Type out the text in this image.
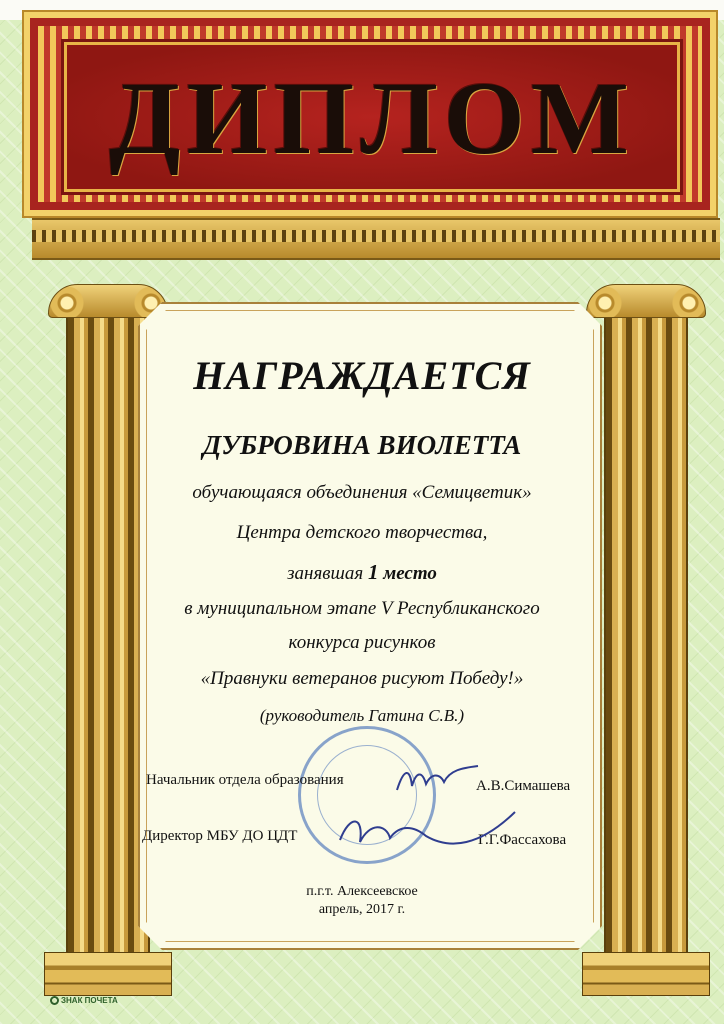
ДИПЛОМ
НАГРАЖДАЕТСЯ
ДУБРОВИНА ВИОЛЕТТА
обучающаяся объединения «Семицветик»
Центра детского творчества,
занявшая 1 место
в муниципальном этапе V Республиканского
конкурса рисунков
«Правнуки ветеранов рисуют Победу!»
(руководитель Гатина С.В.)
Начальник отдела образования	А.В.Симашева
Директор МБУ ДО ЦДТ	Г.Г.Фассахова
п.г.т. Алексеевское
апрель, 2017 г.
ЗНАК ПОЧЕТА
